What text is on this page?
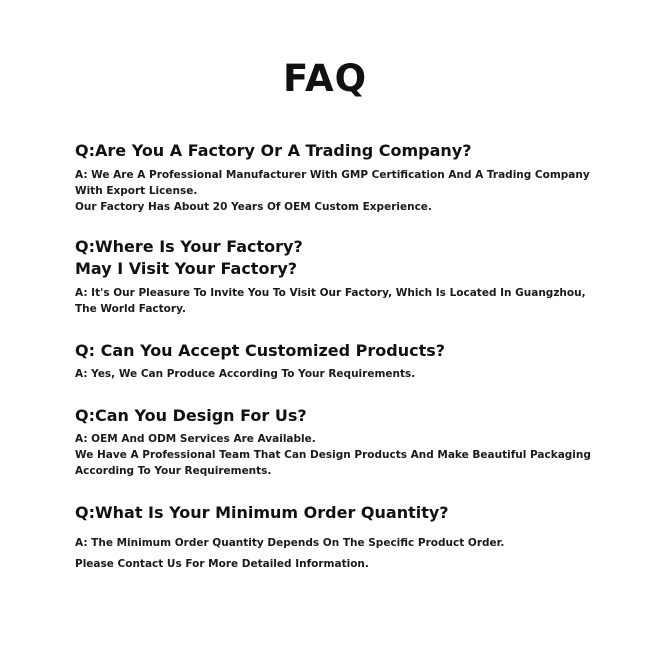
FAQ
Q:Are You A Factory Or A Trading Company?
A: We Are A Professional Manufacturer With GMP Certification And A Trading Company
With Export License.
Our Factory Has About 20 Years Of OEM Custom Experience.
Q:Where Is Your Factory?
May I Visit Your Factory?
A: It's Our Pleasure To Invite You To Visit Our Factory, Which Is Located In Guangzhou,
The World Factory.
Q: Can You Accept Customized Products?
A: Yes, We Can Produce According To Your Requirements.
Q:Can You Design For Us?
A: OEM And ODM Services Are Available.
We Have A Professional Team That Can Design Products And Make Beautiful Packaging
According To Your Requirements.
Q:What Is Your Minimum Order Quantity?
A: The Minimum Order Quantity Depends On The Specific Product Order.
Please Contact Us For More Detailed Information.
